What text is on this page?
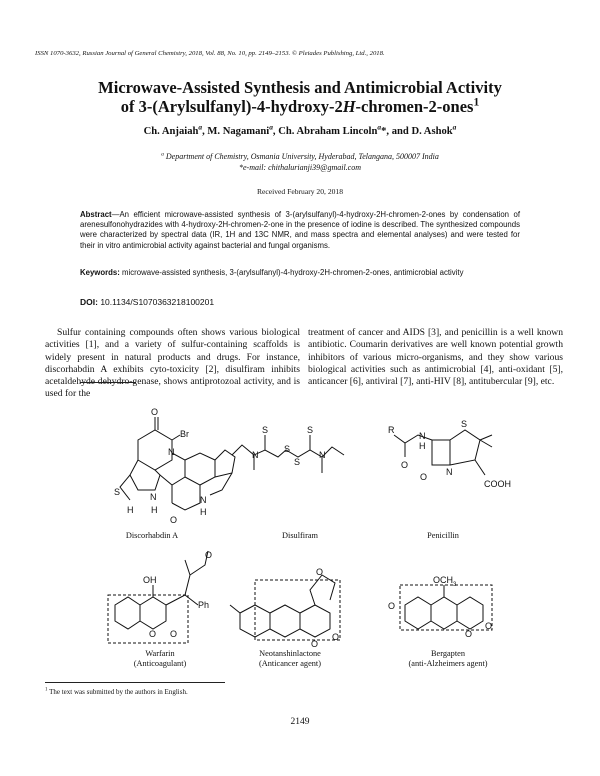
ISSN 1070-3632, Russian Journal of General Chemistry, 2018, Vol. 88, No. 10, pp. 2149–2153. © Pleiades Publishing, Ltd., 2018.
Microwave-Assisted Synthesis and Antimicrobial Activity
of 3-(Arylsulfanyl)-4-hydroxy-2H-chromen-2-ones$^1$
Ch. Anjaiah$^a$, M. Nagamani$^a$, Ch. Abraham Lincoln$^a$*, and D. Ashok$^a$
$^a$ Department of Chemistry, Osmania University, Hyderabad, Telangana, 500007 India
*e-mail: chithalurianji39@gmail.com
Received February 20, 2018
Abstract—An efficient microwave-assisted synthesis of 3-(arylsulfanyl)-4-hydroxy-2H-chromen-2-ones by condensation of arenesulfonohydrazides with 4-hydroxy-2H-chromen-2-one in the presence of iodine is described. The synthesized compounds were characterized by spectral data (IR, 1H and 13C NMR, and mass spectra and elemental analyses) and were tested for their in vitro antimicrobial activity against bacterial and fungal organisms.
Keywords: microwave-assisted synthesis, 3-(arylsulfanyl)-4-hydroxy-2H-chromen-2-ones, antimicrobial activity
DOI: 10.1134/S1070363218100201
Sulfur containing compounds often shows various biological activities [1], and a variety of sulfur-containing scaffolds is widely present in natural products and drugs. For instance, discorhabdin A exhibits cyto-toxicity [2], disulfiram inhibits acetaldehyde dehydro-genase, shows antiprotozoal activity, and is used for the
treatment of cancer and AIDS [3], and penicillin is a well known antibiotic. Coumarin derivatives are well known potential growth inhibitors of various micro-organisms, and they show various biological activities such as antimicrobial [4], anti-oxidant [5], anticancer [6], antiviral [7], anti-HIV [8], antitubercular [9], etc.
O
Br
N
S	N
H H
O
N
H
N
S
S
S
S
N
R
N
H
O
S
N
O
COOH
OH
O
Ph
O O
O
O
O
OCH 3
O
O
O
Discorhabdin A	Disulfiram	Penicillin
Warfarin
(Anticoagulant)
Neotanshinlactone
(Anticancer agent)
Bergapten
(anti-Alzheimers agent)
$^1$ The text was submitted by the authors in English.
2149
